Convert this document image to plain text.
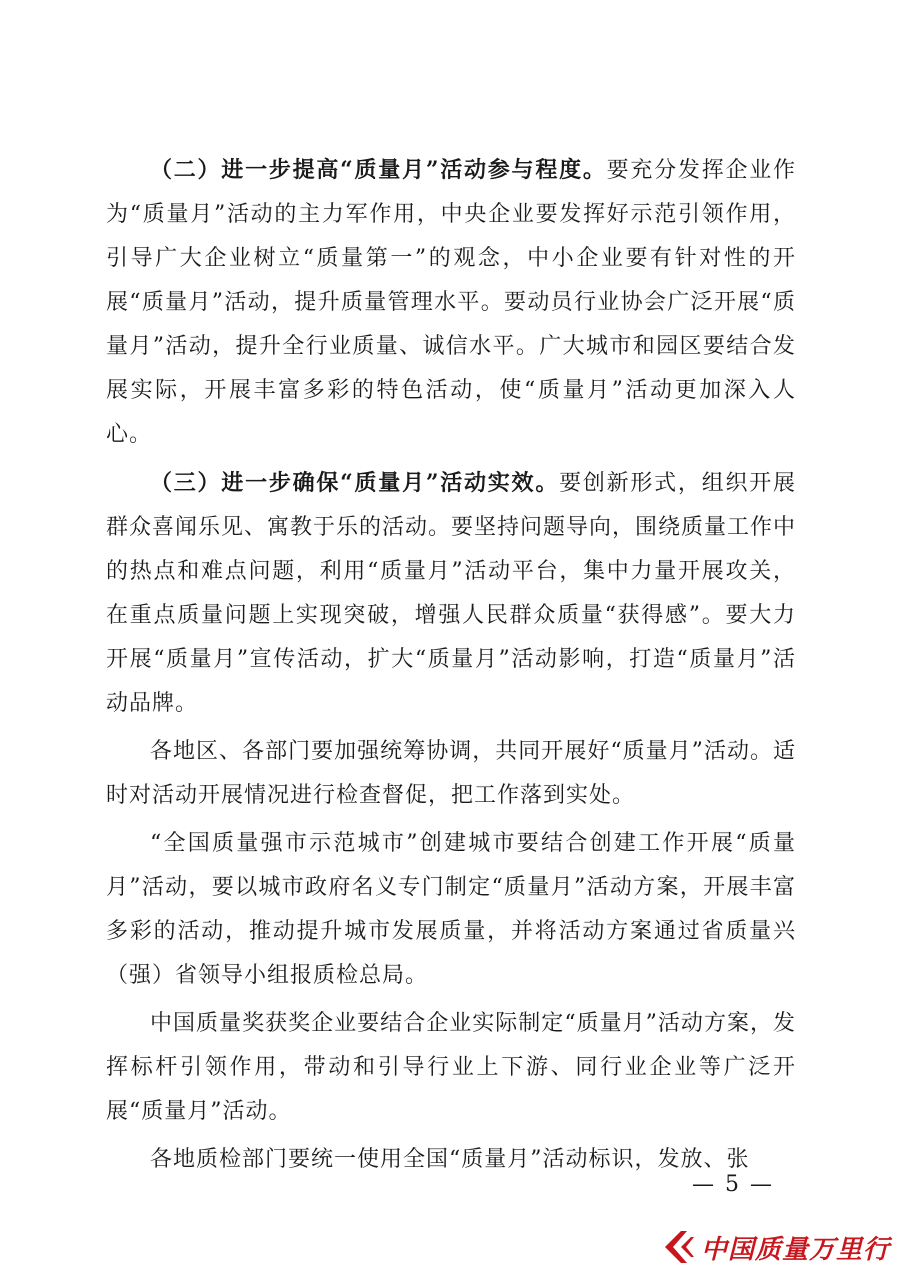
（二）进一步提高“质量月”活动参与程度。要充分发挥企业作为“质量月”活动的主力军作用，中央企业要发挥好示范引领作用，引导广大企业树立“质量第一”的观念，中小企业要有针对性的开展“质量月”活动，提升质量管理水平。要动员行业协会广泛开展“质量月”活动，提升全行业质量、诚信水平。广大城市和园区要结合发展实际，开展丰富多彩的特色活动，使“质量月”活动更加深入人心。

（三）进一步确保“质量月”活动实效。要创新形式，组织开展群众喜闻乐见、寓教于乐的活动。要坚持问题导向，围绕质量工作中的热点和难点问题，利用“质量月”活动平台，集中力量开展攻关，在重点质量问题上实现突破，增强人民群众质量“获得感”。要大力开展“质量月”宣传活动，扩大“质量月”活动影响，打造“质量月”活动品牌。

各地区、各部门要加强统筹协调，共同开展好“质量月”活动。适时对活动开展情况进行检查督促，把工作落到实处。

“全国质量强市示范城市”创建城市要结合创建工作开展“质量月”活动，要以城市政府名义专门制定“质量月”活动方案，开展丰富多彩的活动，推动提升城市发展质量，并将活动方案通过省质量兴（强）省领导小组报质检总局。

中国质量奖获奖企业要结合企业实际制定“质量月”活动方案，发挥标杆引领作用，带动和引导行业上下游、同行业企业等广泛开展“质量月”活动。

各地质检部门要统一使用全国“质量月”活动标识，发放、张

— 5 —
中国质量万里行
